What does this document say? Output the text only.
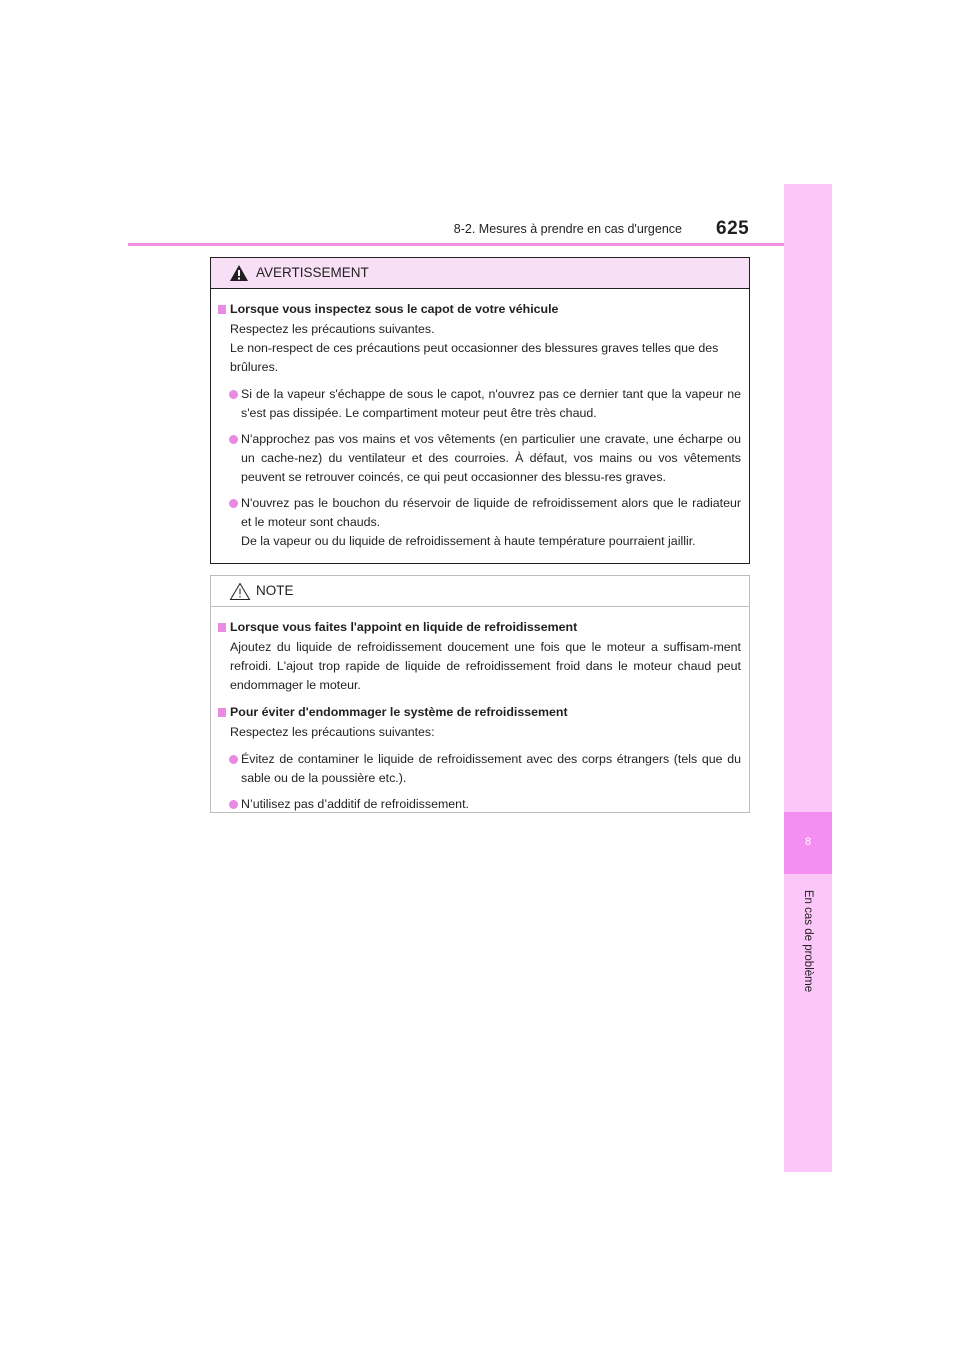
8-2. Mesures à prendre en cas d'urgence 625
8
En cas de problème
AVERTISSEMENT
Lorsque vous inspectez sous le capot de votre véhicule
Respectez les précautions suivantes.
Le non-respect de ces précautions peut occasionner des blessures graves telles que des brûlures.
Si de la vapeur s'échappe de sous le capot, n'ouvrez pas ce dernier tant que la vapeur ne s'est pas dissipée. Le compartiment moteur peut être très chaud.
N'approchez pas vos mains et vos vêtements (en particulier une cravate, une écharpe ou un cache-nez) du ventilateur et des courroies. À défaut, vos mains ou vos vêtements peuvent se retrouver coincés, ce qui peut occasionner des blessu-res graves.
N'ouvrez pas le bouchon du réservoir de liquide de refroidissement alors que le radiateur et le moteur sont chauds.
De la vapeur ou du liquide de refroidissement à haute température pourraient jaillir.
NOTE
Lorsque vous faites l'appoint en liquide de refroidissement
Ajoutez du liquide de refroidissement doucement une fois que le moteur a suffisam-ment refroidi. L'ajout trop rapide de liquide de refroidissement froid dans le moteur chaud peut endommager le moteur.
Pour éviter d'endommager le système de refroidissement
Respectez les précautions suivantes:
Évitez de contaminer le liquide de refroidissement avec des corps étrangers (tels que du sable ou de la poussière etc.).
N’utilisez pas d’additif de refroidissement.
